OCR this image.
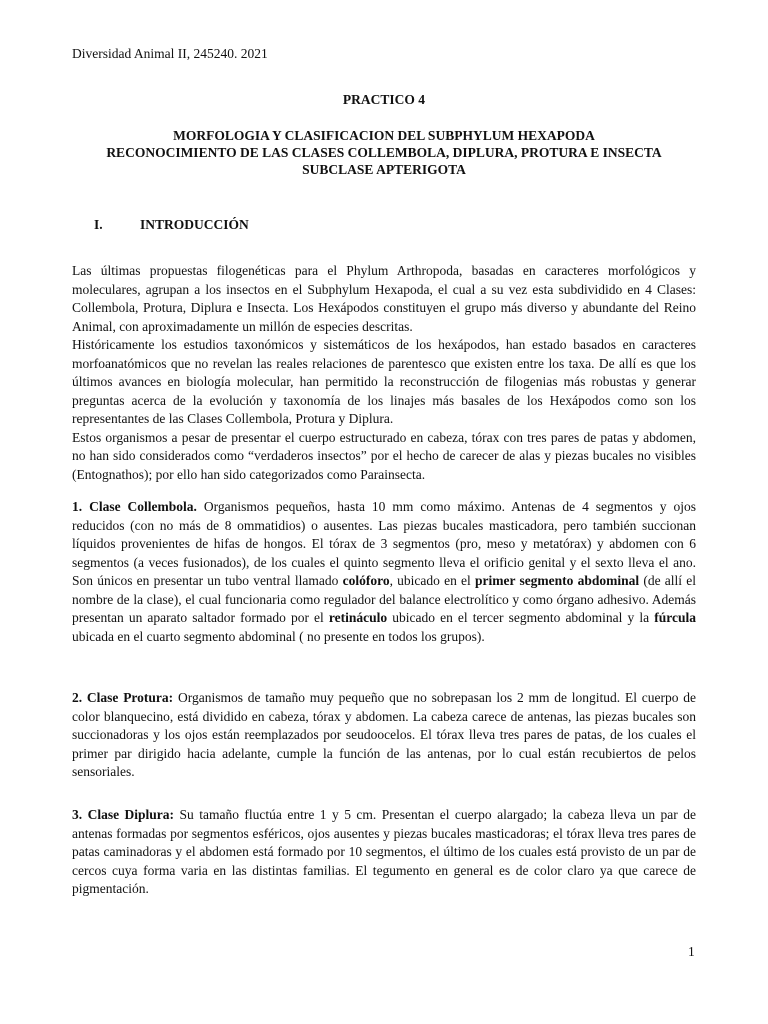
Diversidad Animal II, 245240. 2021
PRACTICO 4
MORFOLOGIA Y CLASIFICACION DEL SUBPHYLUM HEXAPODA
RECONOCIMIENTO DE LAS CLASES COLLEMBOLA, DIPLURA, PROTURA E INSECTA
SUBCLASE APTERIGOTA
I.	INTRODUCCIÓN

Las últimas propuestas filogenéticas para el Phylum Arthropoda, basadas en caracteres morfológicos y moleculares, agrupan a los insectos en el Subphylum Hexapoda, el cual a su vez esta subdividido en 4 Clases: Collembola, Protura, Diplura e Insecta. Los Hexápodos constituyen el grupo más diverso y abundante del Reino Animal, con aproximadamente un millón de especies descritas.

Históricamente los estudios taxonómicos y sistemáticos de los hexápodos, han estado basados en caracteres morfoanatómicos que no revelan las reales relaciones de parentesco que existen entre los taxa. De allí es que los últimos avances en biología molecular, han permitido la reconstrucción de filogenias más robustas y generar preguntas acerca de la evolución y taxonomía de los linajes más basales de los Hexápodos como son los representantes de las Clases Collembola, Protura y Diplura.

Estos organismos a pesar de presentar el cuerpo estructurado en cabeza, tórax con tres pares de patas y abdomen, no han sido considerados como “verdaderos insectos” por el hecho de carecer de alas y piezas bucales no visibles (Entognathos); por ello han sido categorizados como Parainsecta.

1. Clase Collembola. Organismos pequeños, hasta 10 mm como máximo. Antenas de 4 segmentos y ojos reducidos (con no más de 8 ommatidios) o ausentes. Las piezas bucales masticadora, pero también succionan líquidos provenientes de hifas de hongos. El tórax de 3 segmentos (pro, meso y metatórax) y abdomen con 6 segmentos (a veces fusionados), de los cuales el quinto segmento lleva el orificio genital y el sexto lleva el ano. Son únicos en presentar un tubo ventral llamado colóforo, ubicado en el primer segmento abdominal (de allí el nombre de la clase), el cual funcionaria como regulador del balance electrolítico y como órgano adhesivo. Además presentan un aparato saltador formado por el retináculo ubicado en el tercer segmento abdominal y la fúrcula ubicada en el cuarto segmento abdominal ( no presente en todos los grupos).

2. Clase Protura: Organismos de tamaño muy pequeño que no sobrepasan los 2 mm de longitud. El cuerpo de color blanquecino, está dividido en cabeza, tórax y abdomen. La cabeza carece de antenas, las piezas bucales son succionadoras y los ojos están reemplazados por seudoocelos. El tórax lleva tres pares de patas, de los cuales el primer par dirigido hacia adelante, cumple la función de las antenas, por lo cual están recubiertos de pelos sensoriales.

3. Clase Diplura: Su tamaño fluctúa entre 1 y 5 cm. Presentan el cuerpo alargado; la cabeza lleva un par de antenas formadas por segmentos esféricos, ojos ausentes y piezas bucales masticadoras; el tórax lleva tres pares de patas caminadoras y el abdomen está formado por 10 segmentos, el último de los cuales está provisto de un par de cercos cuya forma varia en las distintas familias. El tegumento en general es de color claro ya que carece de pigmentación.

1
